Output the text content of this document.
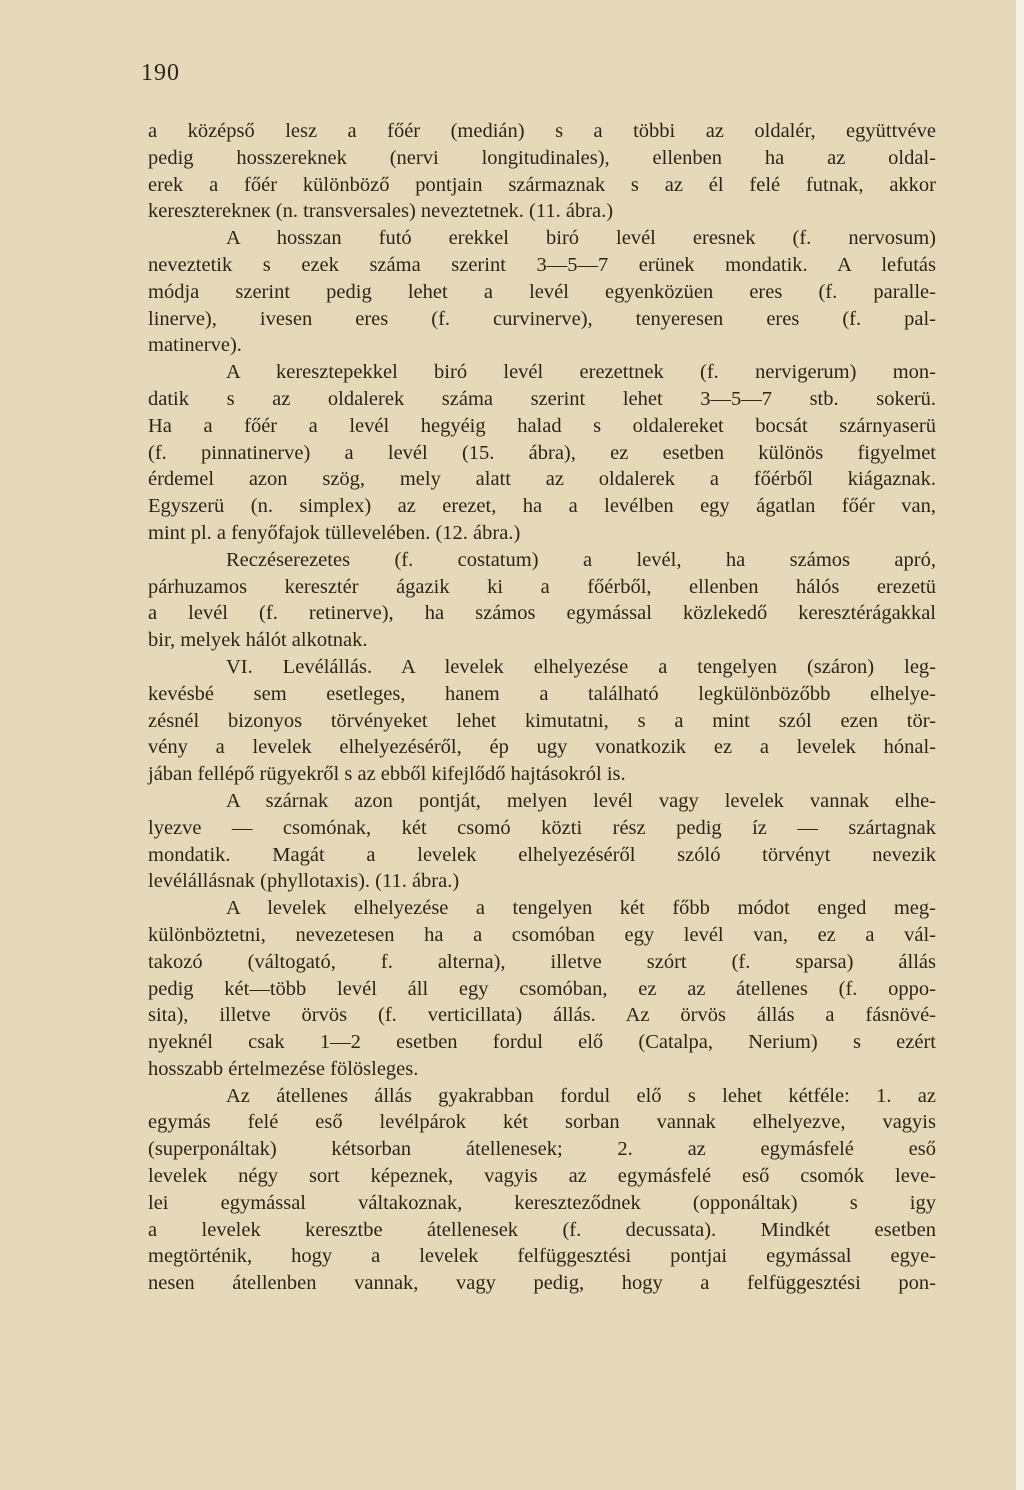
190
a középső lesz a főér (medián) s a többi az oldalér, együttvéve
pedig hosszereknek (nervi longitudinales), ellenben ha az oldal-
erek a főér különböző pontjain származnak s az él felé futnak, akkor
kereszterekneк (n. transversales) neveztetnek. (11. ábra.)
A hosszan futó erekkel biró levél eresnek (f. nervosum)
neveztetik s ezek száma szerint 3—5—7 erünek mondatik. A lefutás
módja szerint pedig lehet a levél egyenközüen eres (f. paralle-
linerve), ivesen eres (f. curvinerve), tenyeresen eres (f. pal-
matinerve).
A keresztерekkel biró levél erezettnek (f. nervigerum) mon-
datik s az oldalerek száma szerint lehet 3—5—7 stb. sokerü.
Ha a főér a levél hegyéig halad s oldalereket bocsát szárnyaserü
(f. pinnatinerve) a levél (15. ábra), ez esetben különös figyelmet
érdemel azon szög, mely alatt az oldalerek a főérből kiágaznak.
Egyszerü (n. simplex) az erezet, ha a levélben egy ágatlan főér van,
mint pl. a fenyőfajok tüllevelében. (12. ábra.)
Reczéserezetes (f. costatum) a levél, ha számos apró,
párhuzamos keresztér ágazik ki a főérből, ellenben hálós erezetü
a levél (f. retinerve), ha számos egymással közlekedő keresztérágakkal
bir, melyek hálót alkotnak.
VI. Levélállás. A levelek elhelyezése a tengelyen (száron) leg-
kevésbé sem esetleges, hanem a található legkülönbözőbb elhelye-
zésnél bizonyos törvényeket lehet kimutatni, s a mint szól ezen tör-
vény a levelek elhelyezéséről, ép ugy vonatkozik ez a levelek hónal-
jában fellépő rügyekről s az ebből kifejlődő hajtásokról is.
A szárnak azon pontját, melyen levél vagy levelek vannak elhe-
lyezve — csomónak, két csomó közti rész pedig íz — szártagnak
mondatik. Magát a levelek elhelyezéséről szóló törvényt nevezik
levélállásnak (phyllotaxis). (11. ábra.)
A levelek elhelyezése a tengelyen két főbb módot enged meg-
különböztetni, nevezetesen ha a csomóban egy levél van, ez a vál-
takozó (váltogató, f. alterna), illetve szórt (f. sparsa) állás
pedig két—több levél áll egy csomóban, ez az átellenes (f. oppo-
sita), illetve örvös (f. verticillata) állás. Az örvös állás a fásnövé-
nyeknél csak 1—2 esetben fordul elő (Catalpa, Nerium) s ezért
hosszabb értelmezése fölösleges.
Az átellenes állás gyakrabban fordul elő s lehet kétféle: 1. az
egymás felé eső levélpárok két sorban vannak elhelyezve, vagyis
(superponáltak) kétsorban átellenesek; 2. az egymásfelé eső
levelek négy sort képeznek, vagyis az egymásfelé eső csomók leve-
lei egymással váltakoznak, kereszteződnek (opponáltak) s igy
a levelek keresztbe átellenesek (f. decussata). Mindkét esetben
megtörténik, hogy a levelek felfüggesztési pontjai egymással egye-
nesen átellenben vannak, vagy pedig, hogy a felfüggesztési pon-
